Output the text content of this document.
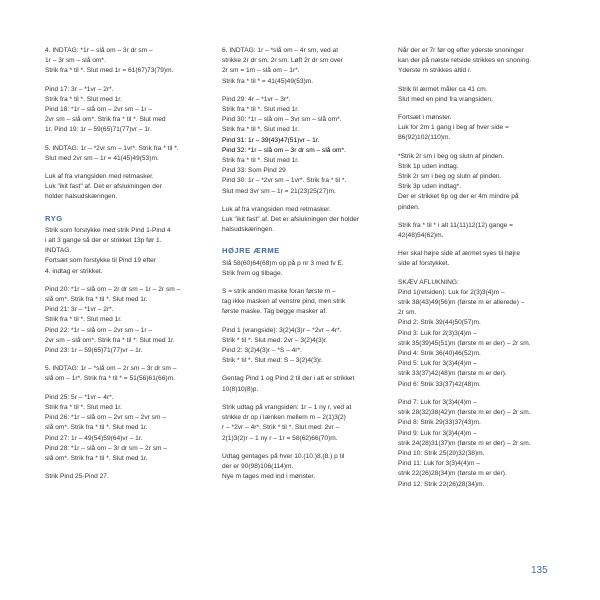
4. INDTAG: *1r – slå om – 3r dr sm –
1r – 3r sm – slå om*.
Strik fra * til *. Slut med 1r = 61(67)73(79)m.
Pind 17: 3r – *1vr – 2r*.
Strik fra * til *. Slut med 1r.
Pind 18: *1r – slå om – 2vr sm – 1r –
2vr sm – slå om*. Strik fra * til *. Slut med
1r. Pind 19: 1r – 59(65)71(77)vr – 1r.
5. INDTAG: 1r – *2vr sm – 1vr*. Strik fra * til *.
Slut med 2vr sm – 1r = 41(45)49(53)m.
Luk af fra vrangsiden med retmasker.
Luk "ikit fast" af. Det er afslukningen der
holder halsudskæringen.
RYG
Strik som forstykke med strik Pind 1-Pind 4
i alt 3 gange så der er strikket 13p før 1.
INDTAG.
Fortsæt som forstykke til Pind 19 efter
4. indtag er strikket.
Pind 20: *1r – slå om – 2r dr sm – 1r – 2r sm –
slå om*. Strik fra * til *. Slut med 1r.
Pind 21: 3r – *1vr – 2r*.
Strik fra * til *. Slut med 1r.
Pind 22: *1r – slå om – 2vr sm – 1r –
2vr sm – slå om*. Strik fra * til *. Slut med 1r.
Pind 23: 1r – 59(65)71(77)vr – 1r.
5. INDTAG: 1r – *slå om – 2r sm – 3r dr sm –
slå om – 1r*. Strik fra * til * = 51(56)61(66)m.
Pind 25: 5r – *1vr – 4r*.
Strik fra * til *. Slut med 1r.
Pind 26: *1r – slå om – 2vr sm – 2vr sm –
slå om*. Strik fra * til *. Slut med 1r.
Pind 27: 1r – 49(54)59(64)vr – 1r.
Pind 28: *1r – slå om – 3r dr sm – 2r sm –
slå om*. Strik fra * til *. Slut med 1r.
Strik Pind 25-Pind 27.
6. INDTAG: 1r – *slå om – 4r sm, ved at
strikke 2r dr sm, 2r sm. Løft 2r dr sm over
2r sm = 1m – slå om – 1r*.
Strik fra * til * = 41(45)49(53)m.
Pind 29: 4r – *1vr – 3r*.
Strik fra * til *. Slut med 1r.
Pind 30: *1r – slå om – 3vr sm – slå om*.
Strik fra * til *. Slut med 1r.
Pind 31: 1r – 39(43)47(51)vr – 1r.
Pind 32: *1r – slå om – 3r dr sm – slå om*.
Strik fra * til *. Slut med 1r.
Pind 33: Som Pind 29
Pind 30: 1r – *2vr sm – 1vr*. Strik fra * til *.
Slut med 3vr sm – 1r = 21(23)25(27)m.
Luk af fra vrangsiden med retmasker.
Luk "ikit fast" af. Det er afslukningen der holder
halsudskæringen.
HØJRE ÆRME
Slå 58(60)64(68)m op på p nr 3 med fv E.
Strik frem og tilbage.
S = strik anden maske foran første m –
tag ikke masken af venstre pind, men strik
første maske. Tag begge masker af.
Pind 1 (vrangside): 3(2)4(3)r – *2vr – 4r*.
Strik * til *. Slut med: 2vr – 3(2)4(3)r.
Pind 2: 3(2)4(3)r – *S – 4r*.
Strik * til *. Slut med: S – 3(2)4(3)r.
Gentag Pind 1 og Pind 2 til der i alt er strikket
10(8)10(8)p.
Strik udtag på vrangsiden: 1r – 1 ny r, ved at
strikke dr op i lænken mellem m – 2(1)3(2)
r – *2vr – 4r*. Strik * til *. Slut med: 2vr –
2(1)3(2)r – 1 ny r – 1r = 58(62)66(70)m.
Udtag gentages på hver 10.(10.)8.(8.) p til
der er 90(98)106(114)m.
Nye m tages med ind i mønster.
Når der er 7r før og efter yderste snoninger
kan der på næste retside strikkes en snoning.
Yderste m strikkes altid r.
Strik til ærmet måler ca 41 cm.
Slut med en pind fra vrangsiden.
Fortsæt i mønster.
Luk for 2m 1 gang i beg af hver side =
86(92)102(110)m.
*Strik 2r sm i beg og slutn af pinden.
Strik 1p uden indtag.
Strik 2r sm i beg og slutn af pinden.
Strik 3p uden indtag*.
Der er strikket 6p og der er 4m mindre på
pinden.
Strik fra * til * i alt 11(11)12(12) gange =
42(48)54(62)m.
Her skal højre side af ærmet syes til højre
side af forstykket.
SKÆV AFLUKNING:
Pind 1(retsiden): Luk for 2(3)3(4)m –
strik 38(43)49(56)m (første m er allerede) –
2r sm.
Pind 2: Strik 39(44)50(57)m.
Pind 3: Luk for 2(3)3(4)m –
strik 35(39)45(51)m (første m er der) – 2r sm.
Pind 4: Strik 36(40)46(52)m.
Pind 5: Luk for 3(3)4(4)m –
strik 33(37)42(48)m (første m er der).
Pind 6: Strik 33(37)42(48)m.
Pind 7: Luk for 3(3)4(4)m –
strik 28(32)38(42)m (første m er der) – 2r sm.
Pind 8: Strik 29(33)37(43)m.
Pind 9: Luk for 3(3)4(4)m –
strik 24(28)31(37)m (første m er der) – 2r sm.
Pind 10: Strik 25(29)32(38)m.
Pind 11: Luk for 3(3)4(4)m –
strik 22(26)28(34)m (første m er der).
Pind 12: Strik 22(26)28(34)m.
135
